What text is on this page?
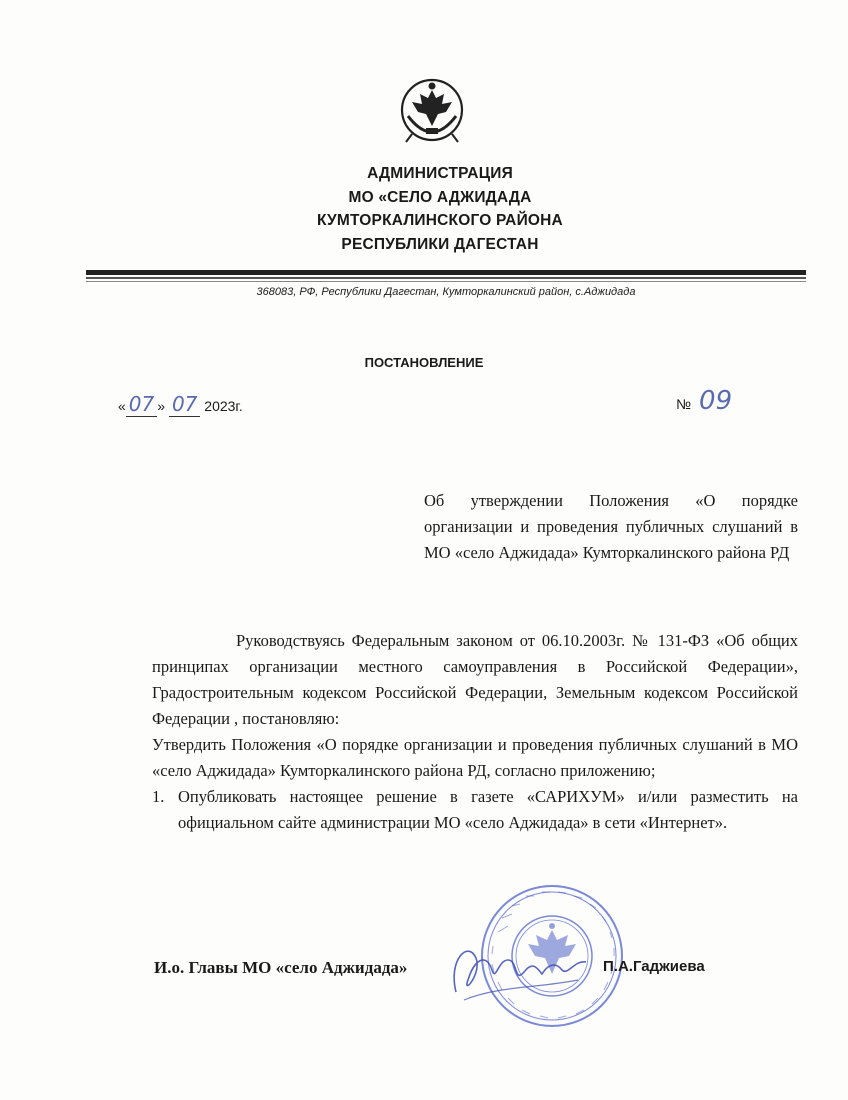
АДМИНИСТРАЦИЯ
МО «СЕЛО АДЖИДАДА
КУМТОРКАЛИНСКОГО РАЙОНА
РЕСПУБЛИКИ ДАГЕСТАН
368083, РФ, Республики Дагестан, Кумторкалинский район, с.Аджидада
ПОСТАНОВЛЕНИЕ
« 07 » 07 2023г.	№ 09
Об утверждении Положения «О порядке организации и проведения публичных слушаний в МО «село Аджидада» Кумторкалинского района РД

Руководствуясь Федеральным законом от 06.10.2003г. № 131-ФЗ «Об общих принципах организации местного самоуправления в Российской Федерации», Градостроительным кодексом Российской Федерации, Земельным кодексом Российской Федерации , постановляю:

Утвердить Положения «О порядке организации и проведения публичных слушаний в МО «село Аджидада» Кумторкалинского района РД, согласно приложению;

1. Опубликовать настоящее решение в газете «САРИХУМ» и/или разместить на официальном сайте администрации МО «село Аджидада» в сети «Интернет».
И.о. Главы МО «село Аджидада»	П.А.Гаджиева
